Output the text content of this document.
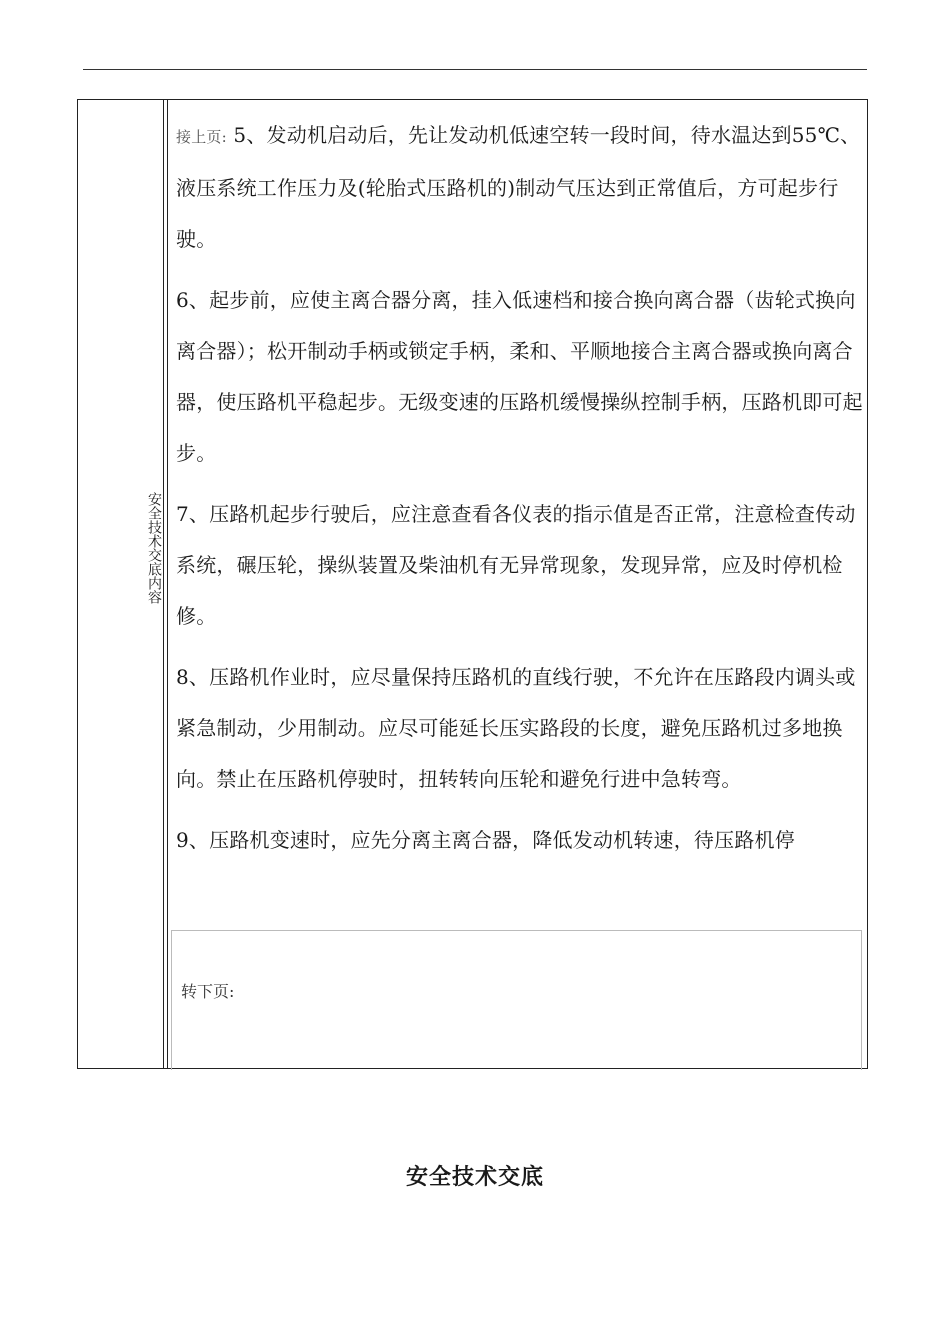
安全技术交底内容

接上页: 5、发动机启动后，先让发动机低速空转一段时间，待水温达到55℃、液压系统工作压力及(轮胎式压路机的)制动气压达到正常值后，方可起步行驶。

6、起步前，应使主离合器分离，挂入低速档和接合换向离合器（齿轮式换向离合器）；松开制动手柄或锁定手柄，柔和、平顺地接合主离合器或换向离合器，使压路机平稳起步。无级变速的压路机缓慢操纵控制手柄，压路机即可起步。

7、压路机起步行驶后，应注意查看各仪表的指示值是否正常，注意检查传动系统，碾压轮，操纵装置及柴油机有无异常现象，发现异常，应及时停机检修。

8、压路机作业时，应尽量保持压路机的直线行驶，不允许在压路段内调头或紧急制动，少用制动。应尽可能延长压实路段的长度，避免压路机过多地换向。禁止在压路机停驶时，扭转转向压轮和避免行进中急转弯。

9、压路机变速时，应先分离主离合器，降低发动机转速，待压路机停

转下页:
安全技术交底
